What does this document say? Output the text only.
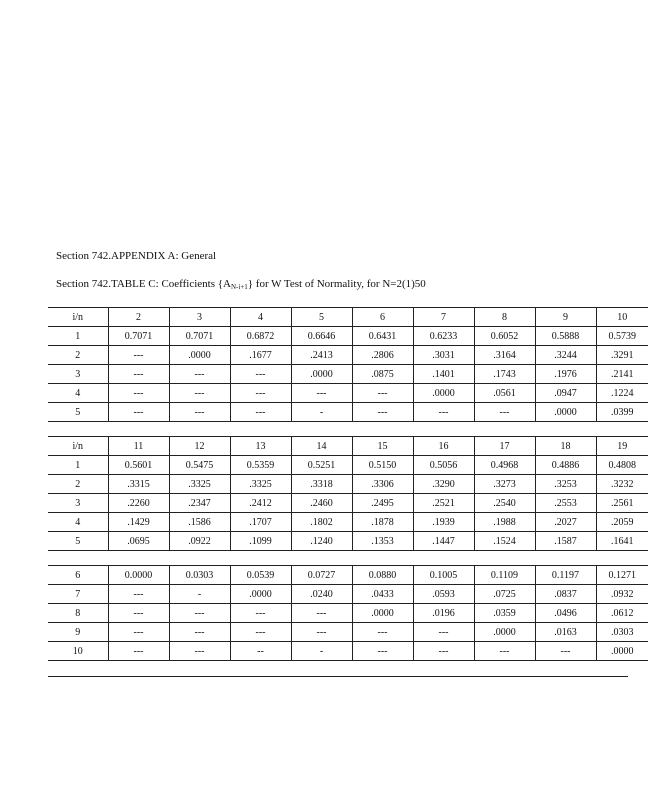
Section 742.APPENDIX A: General
Section 742.TABLE C: Coefficients $\{A_{N-i+1}\}$ for W Test of Normality, for N=2(1)50
i/n	2	3	4	5	6	7	8	9	10
1	0.7071	0.7071	0.6872	0.6646	0.6431	0.6233	0.6052	0.5888	0.5739
2	---	.0000	.1677	.2413	.2806	.3031	.3164	.3244	.3291
3	---	---	---	.0000	.0875	.1401	.1743	.1976	.2141
4	---	---	---	---	---	.0000	.0561	.0947	.1224
5	---	---	---	-	---	---	---	.0000	.0399
i/n	11	12	13	14	15	16	17	18	19
1	0.5601	0.5475	0.5359	0.5251	0.5150	0.5056	0.4968	0.4886	0.4808
2	.3315	.3325	.3325	.3318	.3306	.3290	.3273	.3253	.3232
3	.2260	.2347	.2412	.2460	.2495	.2521	.2540	.2553	.2561
4	.1429	.1586	.1707	.1802	.1878	.1939	.1988	.2027	.2059
5	.0695	.0922	.1099	.1240	.1353	.1447	.1524	.1587	.1641

6	0.0000	0.0303	0.0539	0.0727	0.0880	0.1005	0.1109	0.1197	0.1271
7	---	-	.0000	.0240	.0433	.0593	.0725	.0837	.0932
8	---	---	---	---	.0000	.0196	.0359	.0496	.0612
9	---	---	---	---	---	---	.0000	.0163	.0303
10	---	---	--	-	---	---	---	---	.0000
